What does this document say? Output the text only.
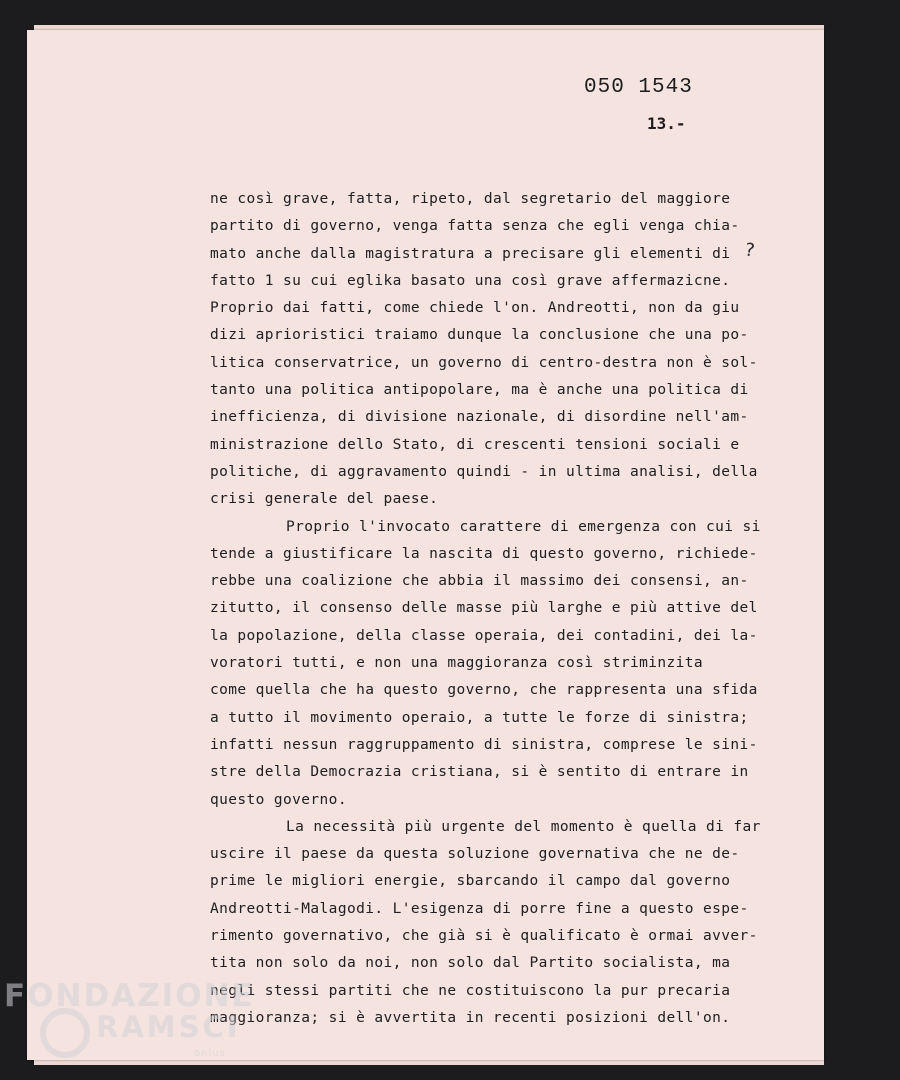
050 1543

13.-

?

ne così grave, fatta, ripeto, dal segretario del maggiore
partito di governo, venga fatta senza che egli venga chia-
mato anche dalla magistratura a precisare gli elementi di
fatto 1 su cui eglika basato una così grave affermazicne.
Proprio dai fatti, come chiede l'on. Andreotti, non da giu
dizi aprioristici traiamo dunque la conclusione che una po-
litica conservatrice, un governo di centro-destra non è sol-
tanto una politica antipopolare, ma è anche una politica di
inefficienza, di divisione nazionale, di disordine nell'am-
ministrazione dello Stato, di crescenti tensioni sociali e
politiche, di aggravamento quindi - in ultima analisi, della
crisi generale del paese.
Proprio l'invocato carattere di emergenza con cui si
tende a giustificare la nascita di questo governo, richiede-
rebbe una coalizione che abbia il massimo dei consensi, an-
zitutto, il consenso delle masse più larghe e più attive del
la popolazione, della classe operaia, dei contadini, dei la-
voratori tutti, e non una maggioranza così striminzita
come quella che ha questo governo, che rappresenta una sfida
a tutto il movimento operaio, a tutte le forze di sinistra;
infatti nessun raggruppamento di sinistra, comprese le sini-
stre della Democrazia cristiana, si è sentito di entrare in
questo governo.
La necessità più urgente del momento è quella di far
uscire il paese da questa soluzione governativa che ne de-
prime le migliori energie, sbarcando il campo dal governo
Andreotti-Malagodi. L'esigenza di porre fine a questo espe-
rimento governativo, che già si è qualificato è ormai avver-
tita non solo da noi, non solo dal Partito socialista, ma
negli stessi partiti che ne costituiscono la pur precaria
maggioranza; si è avvertita in recenti posizioni dell'on.
FONDAZIONE
RAMSCI
onlus
